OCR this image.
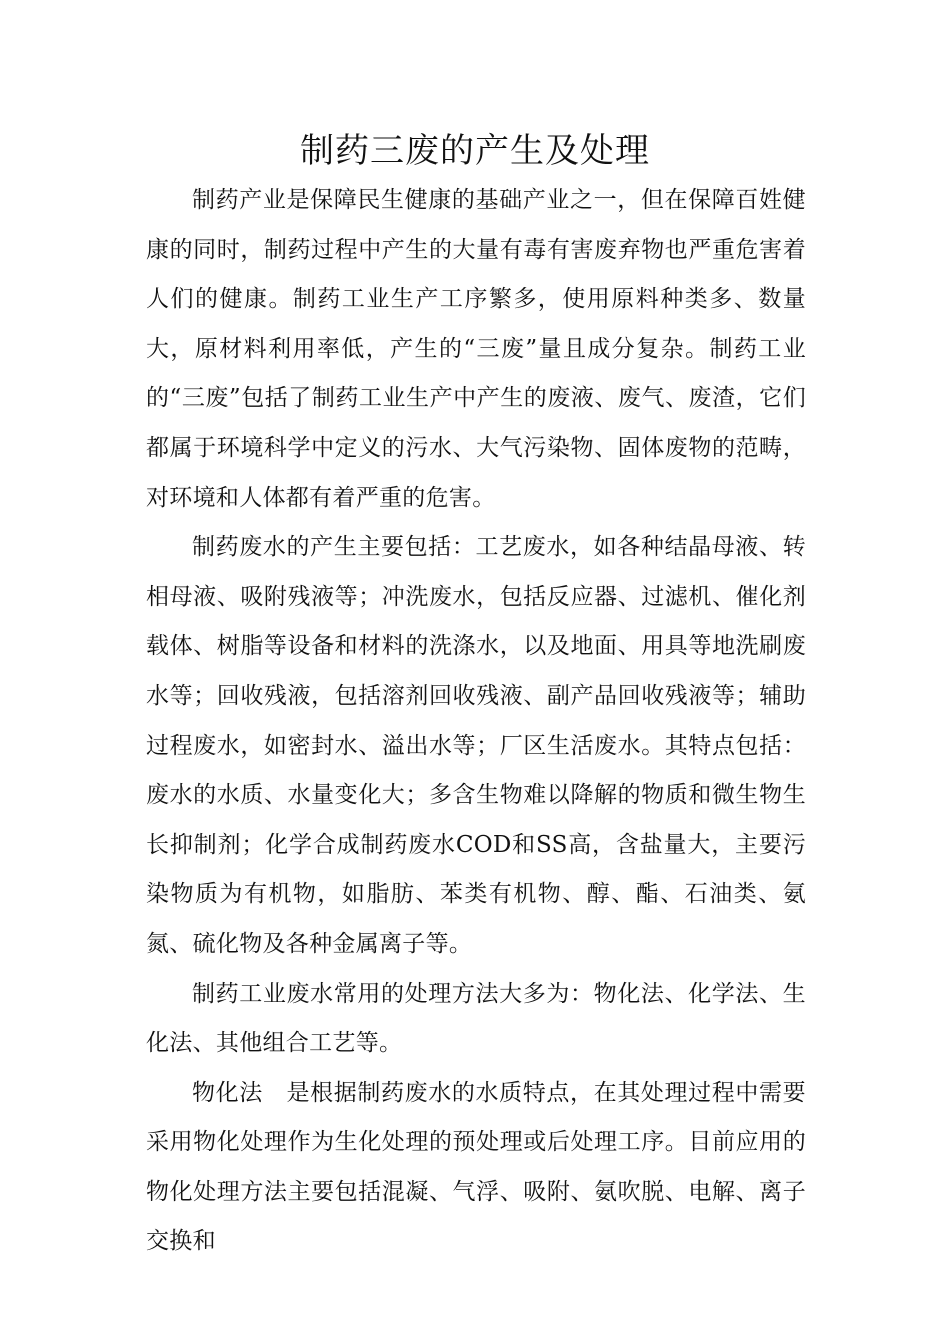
制药三废的产生及处理

制药产业是保障民生健康的基础产业之一，但在保障百姓健康的同时，制药过程中产生的大量有毒有害废弃物也严重危害着人们的健康。制药工业生产工序繁多，使用原料种类多、数量大，原材料利用率低，产生的“三废”量且成分复杂。制药工业的“三废”包括了制药工业生产中产生的废液、废气、废渣，它们都属于环境科学中定义的污水、大气污染物、固体废物的范畴，对环境和人体都有着严重的危害。

制药废水的产生主要包括：工艺废水，如各种结晶母液、转相母液、吸附残液等；冲洗废水，包括反应器、过滤机、催化剂载体、树脂等设备和材料的洗涤水，以及地面、用具等地洗刷废水等；回收残液，包括溶剂回收残液、副产品回收残液等；辅助过程废水，如密封水、溢出水等；厂区生活废水。其特点包括：废水的水质、水量变化大；多含生物难以降解的物质和微生物生长抑制剂；化学合成制药废水COD和SS高，含盐量大，主要污染物质为有机物，如脂肪、苯类有机物、醇、酯、石油类、氨氮、硫化物及各种金属离子等。

制药工业废水常用的处理方法大多为：物化法、化学法、生化法、其他组合工艺等。

物化法　是根据制药废水的水质特点，在其处理过程中需要采用物化处理作为生化处理的预处理或后处理工序。目前应用的物化处理方法主要包括混凝、气浮、吸附、氨吹脱、电解、离子交换和
